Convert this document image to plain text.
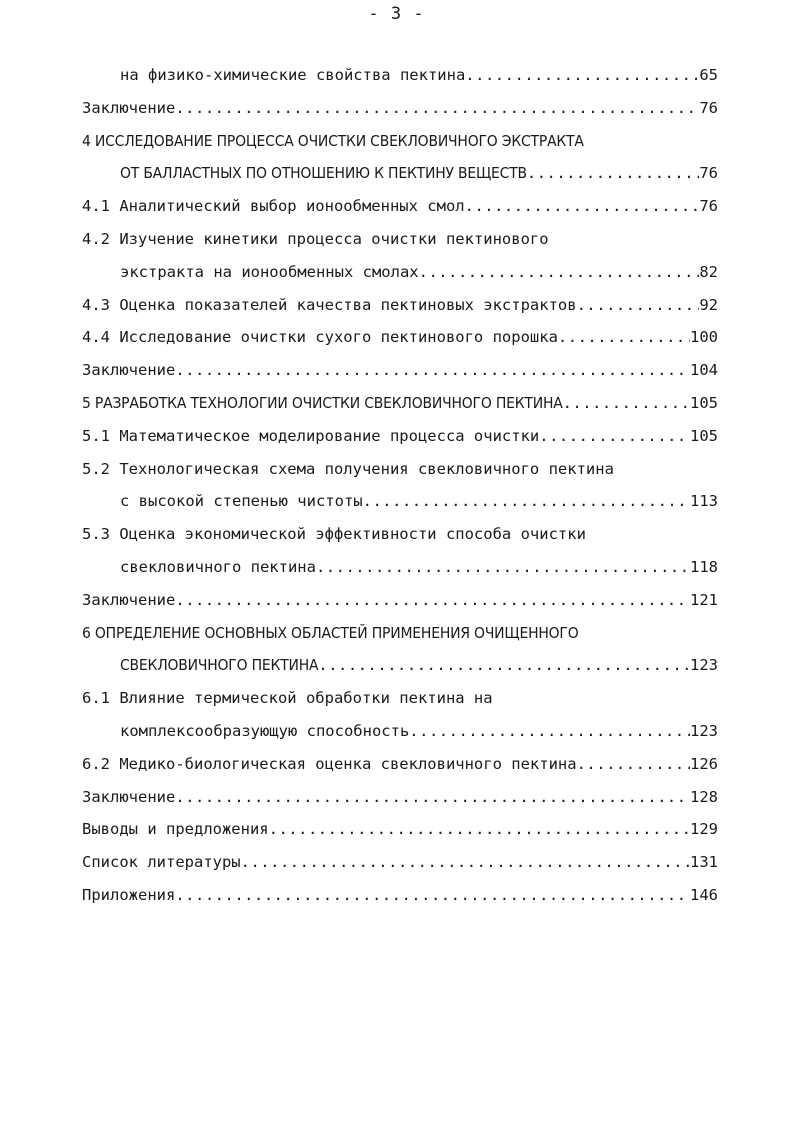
- 3 -
на физико-химические свойства пектина .....	65
Заключение .....	76
4 ИССЛЕДОВАНИЕ ПРОЦЕССА ОЧИСТКИ СВЕКЛОВИЧНОГО ЭКСТРАКТА
ОТ БАЛЛАСТНЫХ ПО ОТНОШЕНИЮ К ПЕКТИНУ ВЕЩЕСТВ .....	76
4.1 Аналитический выбор ионообменных смол .....	76
4.2 Изучение кинетики процесса очистки пектинового
экстракта на ионообменных смолах .....	82
4.3 Оценка показателей качества пектиновых экстрактов .....	92
4.4 Исследование очистки сухого пектинового порошка .....	100
Заключение .....	104
5 РАЗРАБОТКА ТЕХНОЛОГИИ ОЧИСТКИ СВЕКЛОВИЧНОГО ПЕКТИНА .....	105
5.1 Математическое моделирование процесса очистки .....	105
5.2 Технологическая схема получения свекловичного пектина
с высокой степенью чистоты .....	113
5.3 Оценка экономической эффективности способа очистки
свекловичного пектина .....	118
Заключение .....	121
6 ОПРЕДЕЛЕНИЕ ОСНОВНЫХ ОБЛАСТЕЙ ПРИМЕНЕНИЯ ОЧИЩЕННОГО
СВЕКЛОВИЧНОГО ПЕКТИНА .....	123
6.1 Влияние термической обработки пектина на
комплексообразующую способность .....	123
6.2 Медико-биологическая оценка свекловичного пектина .....	126
Заключение .....	128
Выводы и предложения .....	129
Список литературы .....	131
Приложения .....	146
